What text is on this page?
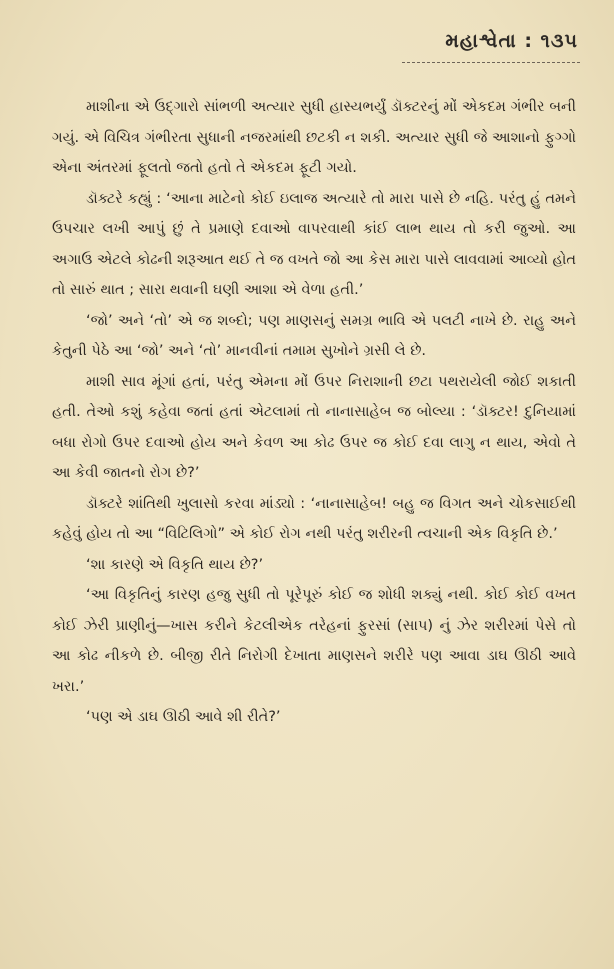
મહાશ્વેતા : ૧૩૫

માશીના એ ઉદ્ગારો સાંભળી અત્યાર સુધી હાસ્યભર્યું ડૉક્ટરનું મોં એકદમ ગંભીર બની ગયું. એ વિચિત્ર ગંભીરતા સુધાની નજરમાંથી છટકી ન શકી. અત્યાર સુધી જે આશાનો ફુગ્ગો એના અંતરમાં ફૂલતો જતો હતો તે એકદમ ફૂટી ગયો.

ડૉક્ટરે કહ્યું : ‘આના માટેનો કોઈ ઇલાજ અત્યારે તો મારા પાસે છે નહિ. પરંતુ હું તમને ઉપચાર લખી આપું છું તે પ્રમાણે દવાઓ વાપરવાથી કાંઈ લાભ થાય તો કરી જુઓ. આ અગાઉ એટલે કોઢની શરૂઆત થઈ તે જ વખતે જો આ કેસ મારા પાસે લાવવામાં આવ્યો હોત તો સારું થાત ; સારા થવાની ઘણી આશા એ વેળા હતી.’

‘જો’ અને ‘તો’ એ જ શબ્દો; પણ માણસનું સમગ્ર ભાવિ એ પલટી નાખે છે. રાહુ અને કેતુની પેઠે આ ‘જો’ અને ‘તો’ માનવીનાં તમામ સુખોને ગ્રસી લે છે.

માશી સાવ મૂંગાં હતાં, પરંતુ એમના મોં ઉપર નિરાશાની છટા પથરાયેલી જોઈ શકાતી હતી. તેઓ કશું કહેવા જતાં હતાં એટલામાં તો નાનાસાહેબ જ બોલ્યા : ‘ડૉક્ટર! દુનિયામાં બધા રોગો ઉપર દવાઓ હોય અને કેવળ આ કોઢ ઉપર જ કોઈ દવા લાગુ ન થાય, એવો તે આ કેવી જાતનો રોગ છે?’

ડૉક્ટરે શાંતિથી ખુલાસો કરવા માંડ્યો : ‘નાનાસાહેબ! બહુ જ વિગત અને ચોકસાઈથી કહેવું હોય તો આ “વિટિલિગો” એ કોઈ રોગ નથી પરંતુ શરીરની ત્વચાની એક વિકૃતિ છે.’

‘શા કારણે એ વિકૃતિ થાય છે?’

‘આ વિકૃતિનું કારણ હજુ સુધી તો પૂરેપૂરું કોઈ જ શોધી શક્યું નથી. કોઈ કોઈ વખત કોઈ ઝેરી પ્રાણીનું—ખાસ કરીને કેટલીએક તરેહનાં ફુરસાં (સાપ) નું ઝેર શરીરમાં પેસે તો આ કોઢ નીકળે છે. બીજી રીતે નિરોગી દેખાતા માણસને શરીરે પણ આવા ડાઘ ઊઠી આવે ખરા.’

‘પણ એ ડાઘ ઊઠી આવે શી રીતે?’
